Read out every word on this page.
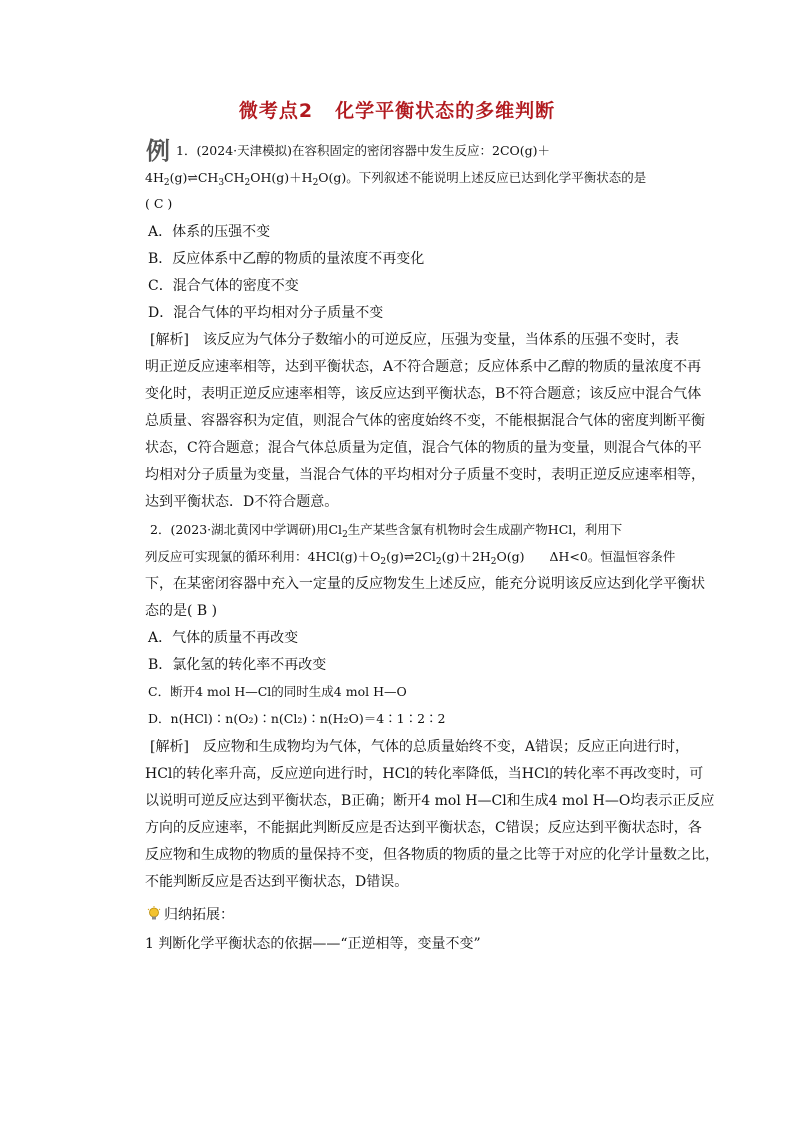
微考点2 化学平衡状态的多维判断
例 1．(2024·天津模拟)在容积固定的密闭容器中发生反应：2CO(g)＋
$4H_2(g)\rightleftharpoons CH_3CH_2OH(g)+H_2O(g)$。下列叙述不能说明上述反应已达到化学平衡状态的是
( C )
A．体系的压强不变
B．反应体系中乙醇的物质的量浓度不再变化
C．混合气体的密度不变
D．混合气体的平均相对分子质量不变
[解析]　该反应为气体分子数缩小的可逆反应，压强为变量，当体系的压强不变时，表
明正逆反应速率相等，达到平衡状态，A不符合题意；反应体系中乙醇的物质的量浓度不再
变化时，表明正逆反应速率相等，该反应达到平衡状态，B不符合题意；该反应中混合气体
总质量、容器容积为定值，则混合气体的密度始终不变，不能根据混合气体的密度判断平衡
状态，C符合题意；混合气体总质量为定值，混合气体的物质的量为变量，则混合气体的平
均相对分子质量为变量，当混合气体的平均相对分子质量不变时，表明正逆反应速率相等，
达到平衡状态．D不符合题意。
2．(2023·湖北黄冈中学调研)用$Cl_2$生产某些含氯有机物时会生成副产物HCl，利用下
列反应可实现氯的循环利用：$4HCl(g)+O_2(g)\rightleftharpoons 2Cl_2(g)+2H_2O(g)$　　ΔH<0。恒温恒容条件
下，在某密闭容器中充入一定量的反应物发生上述反应，能充分说明该反应达到化学平衡状
态的是( B )
A．气体的质量不再改变
B．氯化氢的转化率不再改变
C．断开4 mol H—Cl的同时生成4 mol H—O
D．n(HCl)∶n(O₂)∶n(Cl₂)∶n(H₂O)＝4∶1∶2∶2
[解析]　反应物和生成物均为气体，气体的总质量始终不变，A错误；反应正向进行时，
HCl的转化率升高，反应逆向进行时，HCl的转化率降低，当HCl的转化率不再改变时，可
以说明可逆反应达到平衡状态，B正确；断开4 mol H—Cl和生成4 mol H—O均表示正反应
方向的反应速率，不能据此判断反应是否达到平衡状态，C错误；反应达到平衡状态时，各
反应物和生成物的物质的量保持不变，但各物质的物质的量之比等于对应的化学计量数之比，
不能判断反应是否达到平衡状态，D错误。
归纳拓展：
1 判断化学平衡状态的依据——“正逆相等，变量不变”
